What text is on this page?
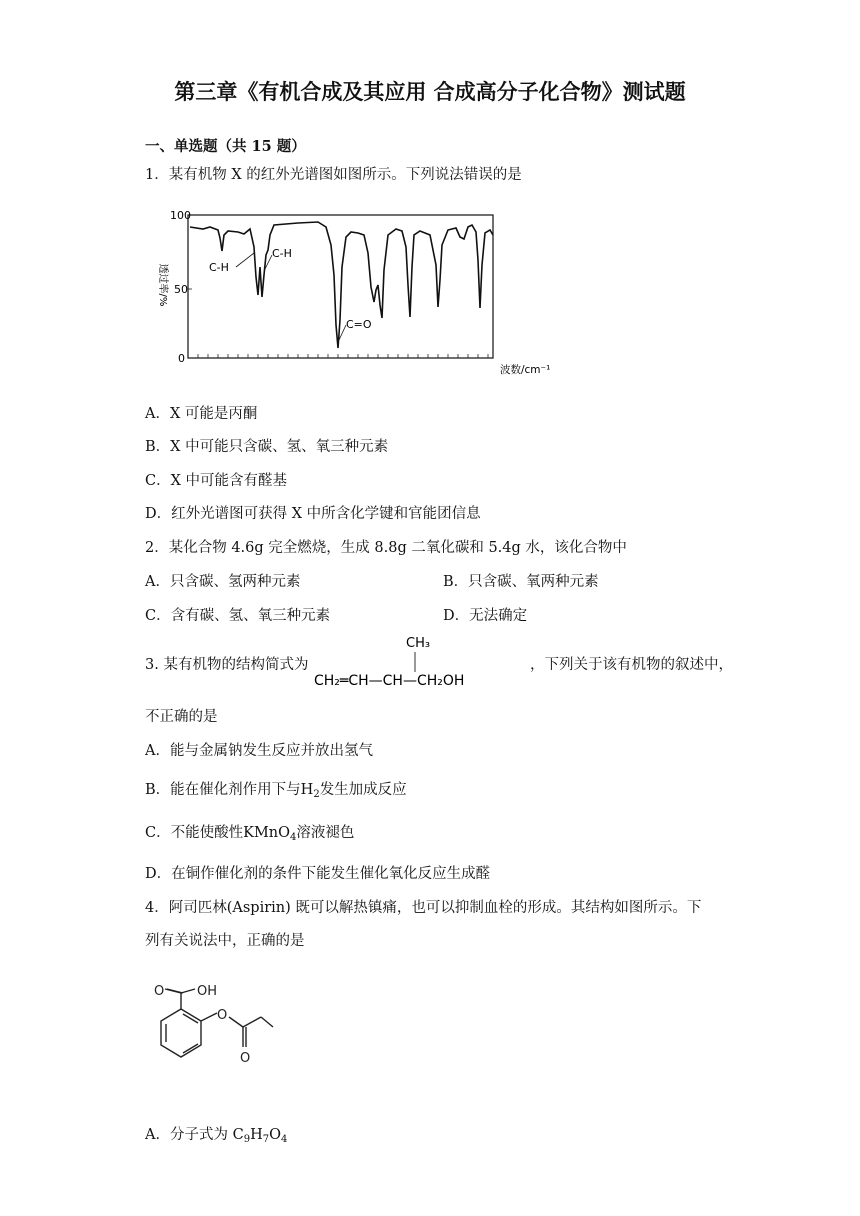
第三章《有机合成及其应用 合成高分子化合物》测试题
一、单选题（共 15 题）
1．某有机物 X 的红外光谱图如图所示。下列说法错误的是
100
50
0
透过率/%
波数/cm⁻¹
C-H
C-H
C=O
A．X 可能是丙酮
B．X 中可能只含碳、氢、氧三种元素
C．X 中可能含有醛基
D．红外光谱图可获得 X 中所含化学键和官能团信息
2．某化合物 4.6g 完全燃烧，生成 8.8g 二氧化碳和 5.4g 水，该化合物中
A．只含碳、氢两种元素	B．只含碳、氧两种元素
C．含有碳、氢、氧三种元素	D．无法确定
3. 某有机物的结构简式为
CH₃
CH₂═CH—CH—CH₂OH
，下列关于该有机物的叙述中，
不正确的是
A．能与金属钠发生反应并放出氢气
B．能在催化剂作用下与$H_2$发生加成反应
C．不能使酸性KMnO$_4$溶液褪色
D．在铜作催化剂的条件下能发生催化氧化反应生成醛
4．阿司匹林(Aspirin) 既可以解热镇痛，也可以抑制血栓的形成。其结构如图所示。下
列有关说法中，正确的是
O	OH
O
O
A．分子式为 $C_9H_7O_4$
